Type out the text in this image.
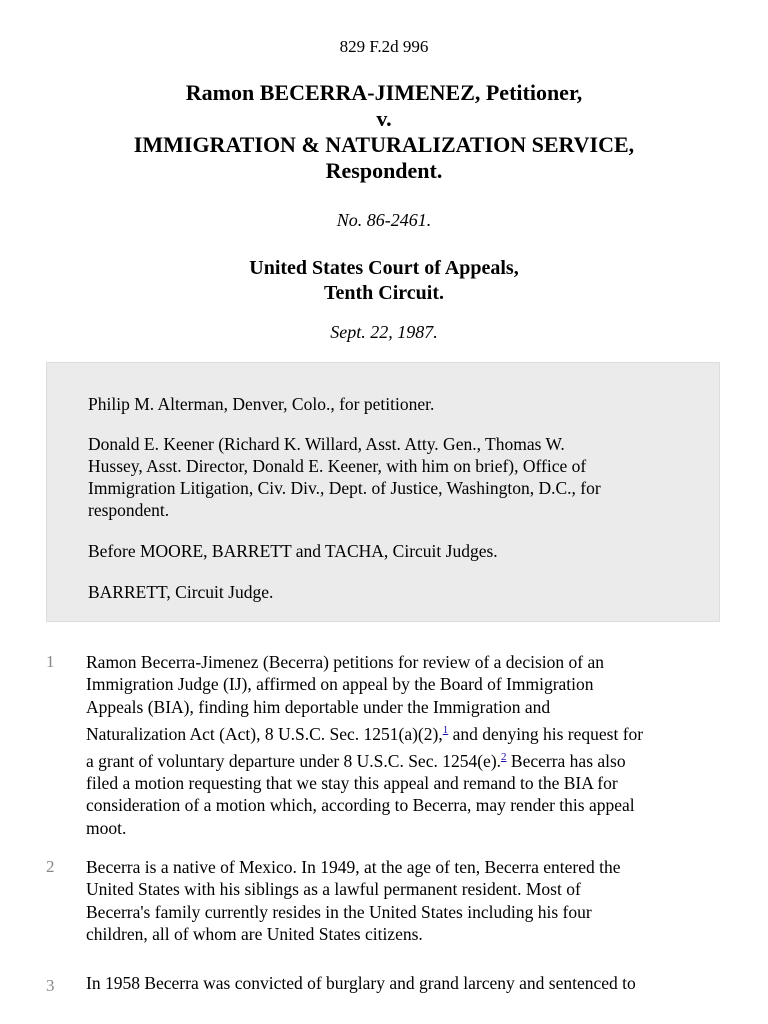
829 F.2d 996
Ramon BECERRA-JIMENEZ, Petitioner,
v.
IMMIGRATION & NATURALIZATION SERVICE,
Respondent.
No. 86-2461.
United States Court of Appeals,
Tenth Circuit.
Sept. 22, 1987.

Philip M. Alterman, Denver, Colo., for petitioner.

Donald E. Keener (Richard K. Willard, Asst. Atty. Gen., Thomas W.
Hussey, Asst. Director, Donald E. Keener, with him on brief), Office of
Immigration Litigation, Civ. Div., Dept. of Justice, Washington, D.C., for
respondent.

Before MOORE, BARRETT and TACHA, Circuit Judges.

BARRETT, Circuit Judge.

1 Ramon Becerra-Jimenez (Becerra) petitions for review of a decision of an
Immigration Judge (IJ), affirmed on appeal by the Board of Immigration
Appeals (BIA), finding him deportable under the Immigration and
Naturalization Act (Act), 8 U.S.C. Sec. 1251(a)(2),$^1$ and denying his request for
a grant of voluntary departure under 8 U.S.C. Sec. 1254(e).$^2$ Becerra has also
filed a motion requesting that we stay this appeal and remand to the BIA for
consideration of a motion which, according to Becerra, may render this appeal
moot.

2 Becerra is a native of Mexico. In 1949, at the age of ten, Becerra entered the
United States with his siblings as a lawful permanent resident. Most of
Becerra's family currently resides in the United States including his four
children, all of whom are United States citizens.

3 In 1958 Becerra was convicted of burglary and grand larceny and sentenced to
